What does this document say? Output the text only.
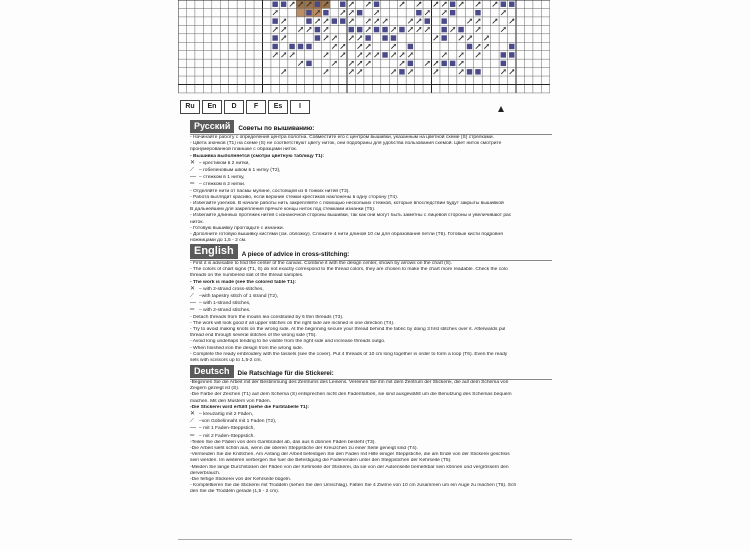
Ru	En	D	F	Es	I
Русский	Советы по вышиванию:
- Начинайте работу с определения центра полотна. Совместите его с центром вышивки, указанным на цветной схеме (S) стрелками.
- Цвета значков (T1) на схеме (S) не соответствуют цвету ниток, они подобраны для удобства пользования схемой. Цвет ниток смотрите
пронумерованной планшке с образцами ниток.
- Вышивка выполняется (смотри цветную таблицу T1):
✕ – крестиком в 2 нитки,
⟋ – гобеленовым швом в 1 нитку (T2),
— – стежком в 1 нитку,
═ – стежком в 2 нитки.
- Отделяйте нити от пасмы мулине, состоящей из 6 тонких нитей (T3).
- Работа выглядит красиво, если верхние стежки крестиков наклонены в одну сторону (T4).
- Избегайте узелков. В начале работы нить закрепляйте с помощью нескольких стежков, которые впоследствии будут закрыты вышивкой
В дальнейшем для закрепления прячьте концы ниток под стежками изнанки (T5).
- Избегайте длинных протяжек нитей с изнаночной стороны вышивки, так как они могут быть заметны с лицевой стороны и увеличивают рас
ниток.
- Готовую вышивку прогладьте с изнанки.
- Дополните готовую вышивку кистями (см. обложку). Сложите 4 нити длиной 10 см для образования петли (T6). Готовые кисти подровня
ножницами до 1,5 - 2 см.
English	A piece of advice in cross-stitching:
- First it is advisable to find the center of the canvas. Combine it with the design center, shown by arrows on the chart (S).
- The colors of chart signs (T1, S) do not exactly correspond to the thread colors, they are chosen to make the chart more readable. Check the colo
threads on the numbered slat of the thread samples.
- The work is made (see the colored table T1):
✕ – with 2-strand cross-stitches,
⟋ –with tapestry stitch of 1 strand (T2),
— – with 1-strand stitches,
═ – with 2-strand stitches.
- Detach threads from the moulin lea constituted by 6 thin threads (T3).
- The work will look good if all upper stitches on the right side are inclined in one direction (T4).
- Try to avoid making knots on the wrong side. At the beginning secure your thread behind the fabric by doing 3 first stitches over it. Afterwards pul
thread end through several stitches of the wrong side (T5).
- Avoid long underlaps tending to be visible from the right side and increase threads outgo.
- When finished iron the design from the wrong side.
- Complete the ready embroidery with the tassels (see the cover). Put 4 threads of 10 cm long together in order to form a loop (T6). Even the ready
sels with scissors up to 1,5-2 cm.
Deutsch	Die Ratschlage für die Stickerei:
-Beginnen Sie die Arbeit mit der Bestimmung des Zentrums des Leinens. Vereinen Sie ihn mit dem Zentrum der Stickerei, die auf dem Schema von
Zeigern gezeigt ist (S).
-Die Farbe der Zeichen (T1) auf dem Schema (S) entsprechen nicht den Fadenfarben, sie sind ausgewählt um die Benutzung des Schemas bequem
machen. Mit den Mustern von Fäden.
-Die Stickerei wird erfüllt (siehe die Farbtabelle T1):
✕ – kreuzartig mit 2 Fäden,
⟋ –von Gobelinnaht mit 1 Faden (T2),
— – mit 1 Faden-Steppstich,
═ – mit 2 Faden-Steppstich.
-Teilen Sie die Fäden von dem Garnbündel ab, das aus 6 dünnen Fäden besteht (T3).
-Die Arbeit sieht schön aus, wenn die oberen Steppstiche der Kreuzchen zu einer Seite geneigt sind (T4).
-Vermeiden Sie die Knötchen. Am Anfang der Arbeit befestigen Sie den Faden mit Hilfe einiger Steppstiche, die am Ende von der Stickerei geschlos
sein werden. Im weiteren verbergen Sie fuer die Befestigung die Fadenenden unter den Steppstichen der Kehrseite (T5).
-Meiden Sie lange Durchstoßen der Fäden von der Kehrseite der Stickerei, da sie von der Außenseite bemerkbar sein können und vergrössern den
derverbrauch.
-Die fertige Stickerei von der Kehrseite bügeln.
- Komplettieren Sie die Stickerei mit Troddeln (sehen Sie den Umschlag). Falten Sie 4 Zwirne von 10 cm zusammen um ein Auge zu machen (T6). Sch
den Sie die Troddeln gerade (1,5 - 2 cm).
